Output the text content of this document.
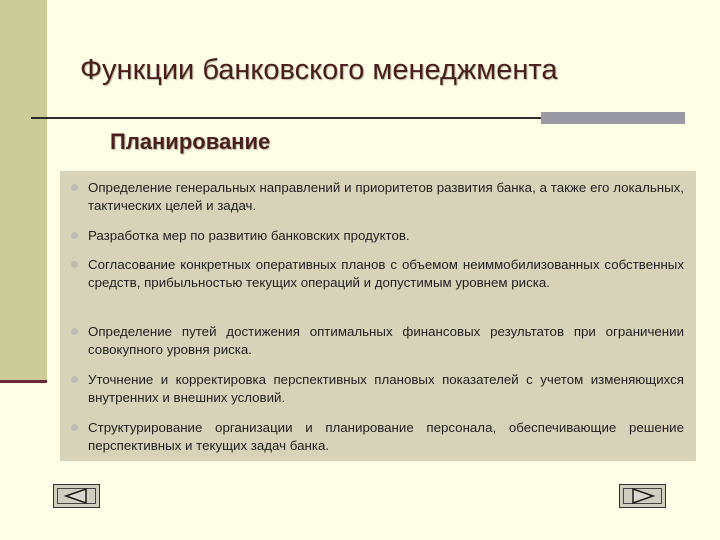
Функции банковского менеджмента
Планирование
Определение генеральных направлений и приоритетов развития банка, а также его локальных, тактических целей и задач.
Разработка мер по развитию банковских продуктов.
Согласование конкретных оперативных планов с объемом неиммобилизованных собственных средств, прибыльностью текущих операций и допустимым уровнем риска.
Определение путей достижения оптимальных финансовых результатов при ограничении совокупного уровня риска.
Уточнение и корректировка перспективных плановых показателей с учетом изменяющихся внутренних и внешних условий.
Структурирование организации и планирование персонала, обеспечивающие решение перспективных и текущих задач банка.
